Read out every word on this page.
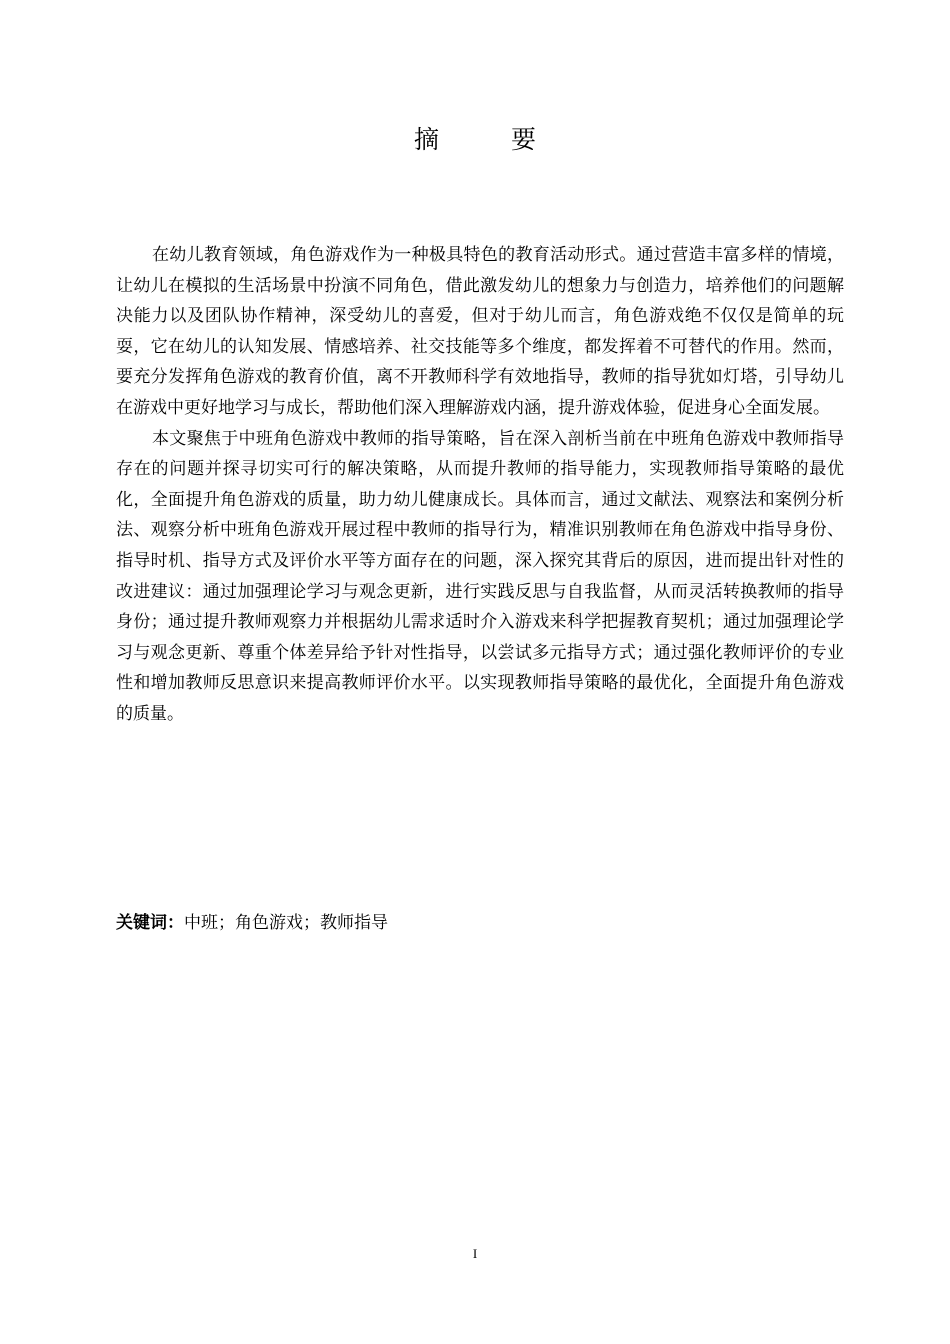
摘 要

在幼儿教育领域，角色游戏作为一种极具特色的教育活动形式。通过营造丰富多样的情境，让幼儿在模拟的生活场景中扮演不同角色，借此激发幼儿的想象力与创造力，培养他们的问题解决能力以及团队协作精神，深受幼儿的喜爱，但对于幼儿而言，角色游戏绝不仅仅是简单的玩耍，它在幼儿的认知发展、情感培养、社交技能等多个维度，都发挥着不可替代的作用。然而，要充分发挥角色游戏的教育价值，离不开教师科学有效地指导，教师的指导犹如灯塔，引导幼儿在游戏中更好地学习与成长，帮助他们深入理解游戏内涵，提升游戏体验，促进身心全面发展。

本文聚焦于中班角色游戏中教师的指导策略，旨在深入剖析当前在中班角色游戏中教师指导存在的问题并探寻切实可行的解决策略，从而提升教师的指导能力，实现教师指导策略的最优化，全面提升角色游戏的质量，助力幼儿健康成长。具体而言，通过文献法、观察法和案例分析法、观察分析中班角色游戏开展过程中教师的指导行为，精准识别教师在角色游戏中指导身份、指导时机、指导方式及评价水平等方面存在的问题，深入探究其背后的原因，进而提出针对性的改进建议：通过加强理论学习与观念更新，进行实践反思与自我监督，从而灵活转换教师的指导身份；通过提升教师观察力并根据幼儿需求适时介入游戏来科学把握教育契机；通过加强理论学习与观念更新、尊重个体差异给予针对性指导，以尝试多元指导方式；通过强化教师评价的专业性和增加教师反思意识来提高教师评价水平。以实现教师指导策略的最优化，全面提升角色游戏的质量。

关键词：中班；角色游戏；教师指导
I
